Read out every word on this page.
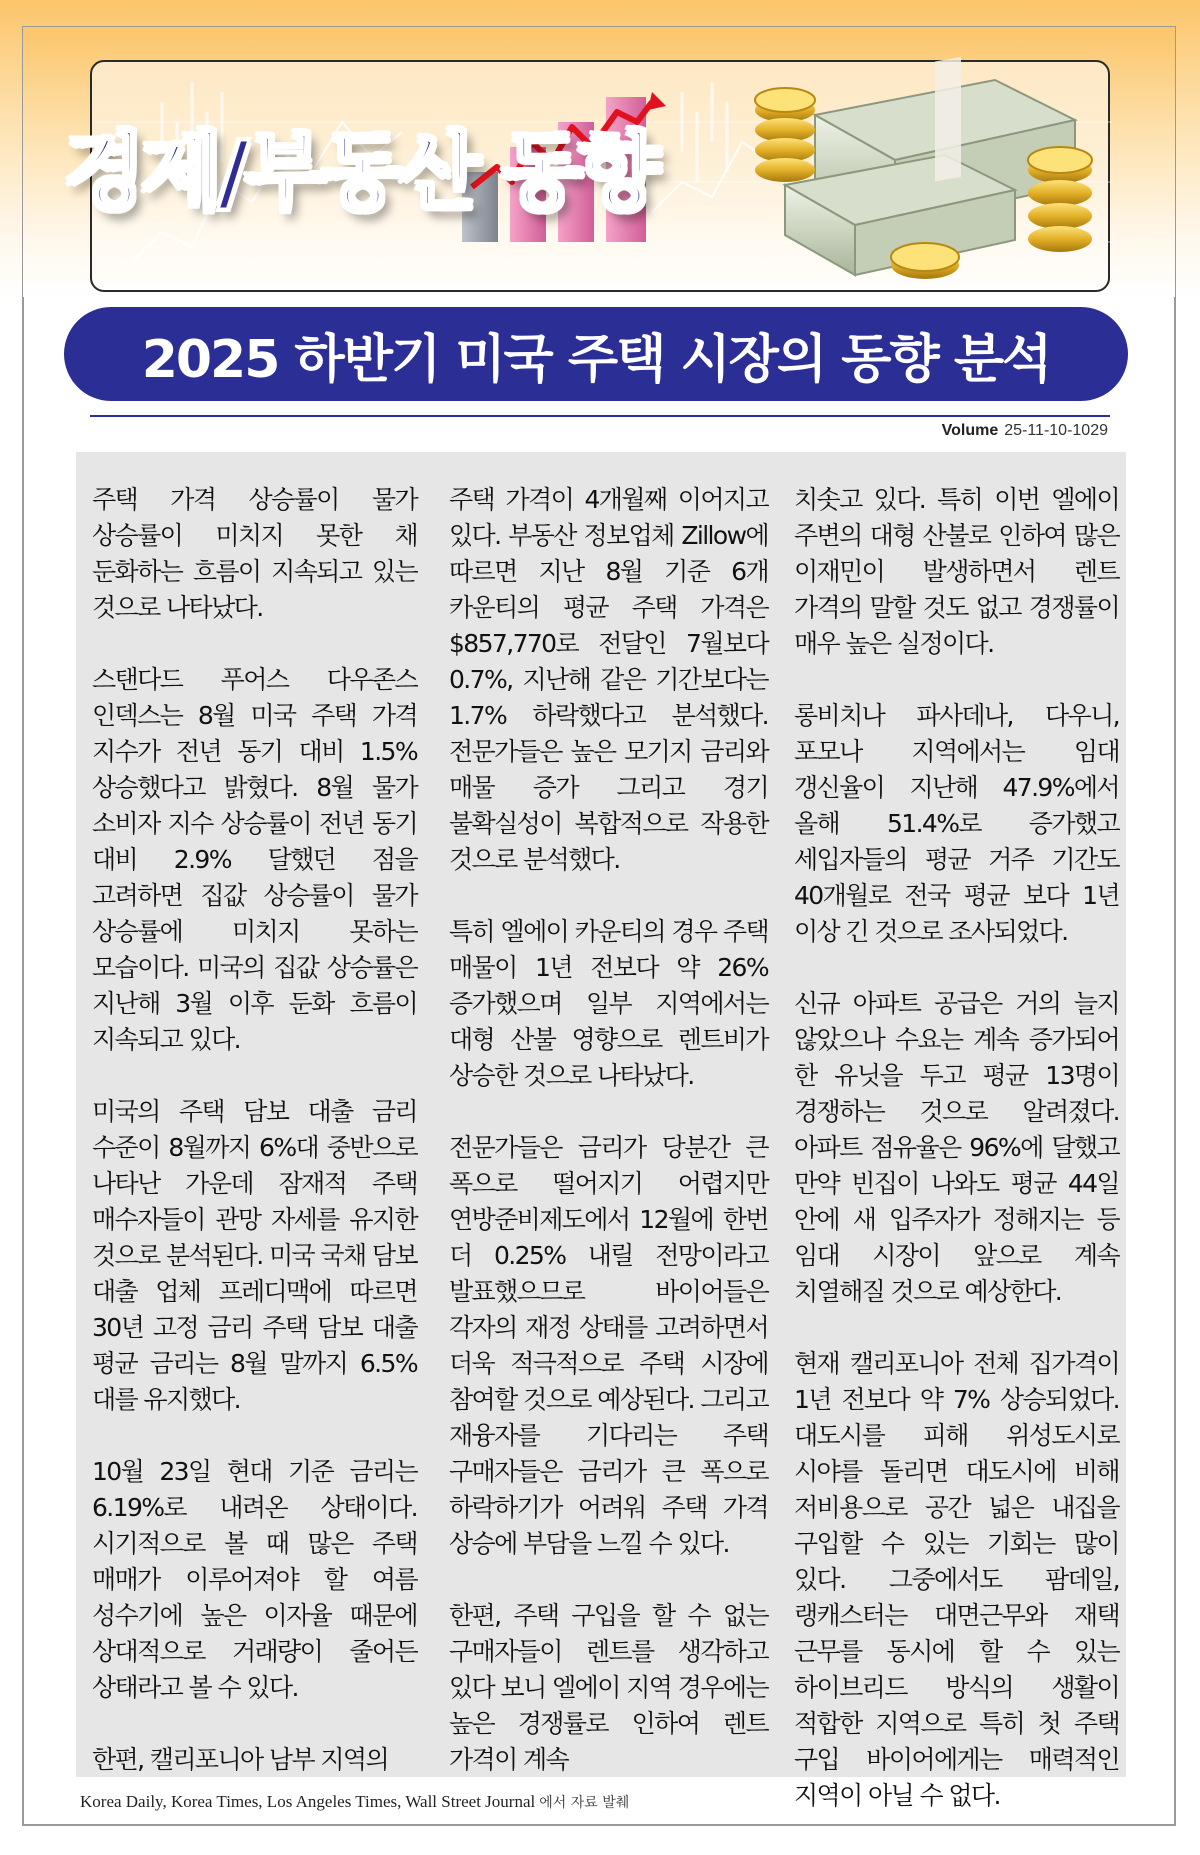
경제/부동산 동향
2025 하반기 미국 주택 시장의 동향 분석
Volume 25-11-10-1029

주택 가격 상승률이 물가 상승률이 미치지 못한 채 둔화하는 흐름이 지속되고 있는 것으로 나타났다.

스탠다드 푸어스 다우존스 인덱스는 8월 미국 주택 가격 지수가 전년 동기 대비 1.5% 상승했다고 밝혔다. 8월 물가 소비자 지수 상승률이 전년 동기 대비 2.9% 달했던 점을 고려하면 집값 상승률이 물가 상승률에 미치지 못하는 모습이다. 미국의 집값 상승률은 지난해 3월 이후 둔화 흐름이 지속되고 있다.

미국의 주택 담보 대출 금리 수준이 8월까지 6%대 중반으로 나타난 가운데 잠재적 주택 매수자들이 관망 자세를 유지한 것으로 분석된다. 미국 국채 담보 대출 업체 프레디맥에 따르면 30년 고정 금리 주택 담보 대출 평균 금리는 8월 말까지 6.5%대를 유지했다.

10월 23일 현대 기준 금리는 6.19%로 내려온 상태이다. 시기적으로 볼 때 많은 주택 매매가 이루어져야 할 여름 성수기에 높은 이자율 때문에 상대적으로 거래량이 줄어든 상태라고 볼 수 있다.

한편, 캘리포니아 남부 지역의

주택 가격이 4개월째 이어지고 있다. 부동산 정보업체 Zillow에 따르면 지난 8월 기준 6개 카운티의 평균 주택 가격은 $857,770로 전달인 7월보다 0.7%, 지난해 같은 기간보다는 1.7% 하락했다고 분석했다. 전문가들은 높은 모기지 금리와 매물 증가 그리고 경기 불확실성이 복합적으로 작용한 것으로 분석했다.

특히 엘에이 카운티의 경우 주택 매물이 1년 전보다 약 26% 증가했으며 일부 지역에서는 대형 산불 영향으로 렌트비가 상승한 것으로 나타났다.

전문가들은 금리가 당분간 큰 폭으로 떨어지기 어렵지만 연방준비제도에서 12월에 한번 더 0.25% 내릴 전망이라고 발표했으므로 바이어들은 각자의 재정 상태를 고려하면서 더욱 적극적으로 주택 시장에 참여할 것으로 예상된다. 그리고 재융자를 기다리는 주택 구매자들은 금리가 큰 폭으로 하락하기가 어려워 주택 가격 상승에 부담을 느낄 수 있다.

한편, 주택 구입을 할 수 없는 구매자들이 렌트를 생각하고 있다 보니 엘에이 지역 경우에는 높은 경쟁률로 인하여 렌트 가격이 계속

치솟고 있다. 특히 이번 엘에이 주변의 대형 산불로 인하여 많은 이재민이 발생하면서 렌트 가격의 말할 것도 없고 경쟁률이 매우 높은 실정이다.

롱비치나 파사데나, 다우니, 포모나 지역에서는 임대 갱신율이 지난해 47.9%에서 올해 51.4%로 증가했고 세입자들의 평균 거주 기간도 40개월로 전국 평균 보다 1년 이상 긴 것으로 조사되었다.

신규 아파트 공급은 거의 늘지 않았으나 수요는 계속 증가되어 한 유닛을 두고 평균 13명이 경쟁하는 것으로 알려졌다. 아파트 점유율은 96%에 달했고 만약 빈집이 나와도 평균 44일 안에 새 입주자가 정해지는 등 임대 시장이 앞으로 계속 치열해질 것으로 예상한다.

현재 캘리포니아 전체 집가격이 1년 전보다 약 7% 상승되었다. 대도시를 피해 위성도시로 시야를 돌리면 대도시에 비해 저비용으로 공간 넓은 내집을 구입할 수 있는 기회는 많이 있다. 그중에서도 팜데일, 랭캐스터는 대면근무와 재택 근무를 동시에 할 수 있는 하이브리드 방식의 생활이 적합한 지역으로 특히 첫 주택 구입 바이어에게는 매력적인 지역이 아닐 수 없다.

Korea Daily, Korea Times, Los Angeles Times, Wall Street Journal 에서 자료 발췌
